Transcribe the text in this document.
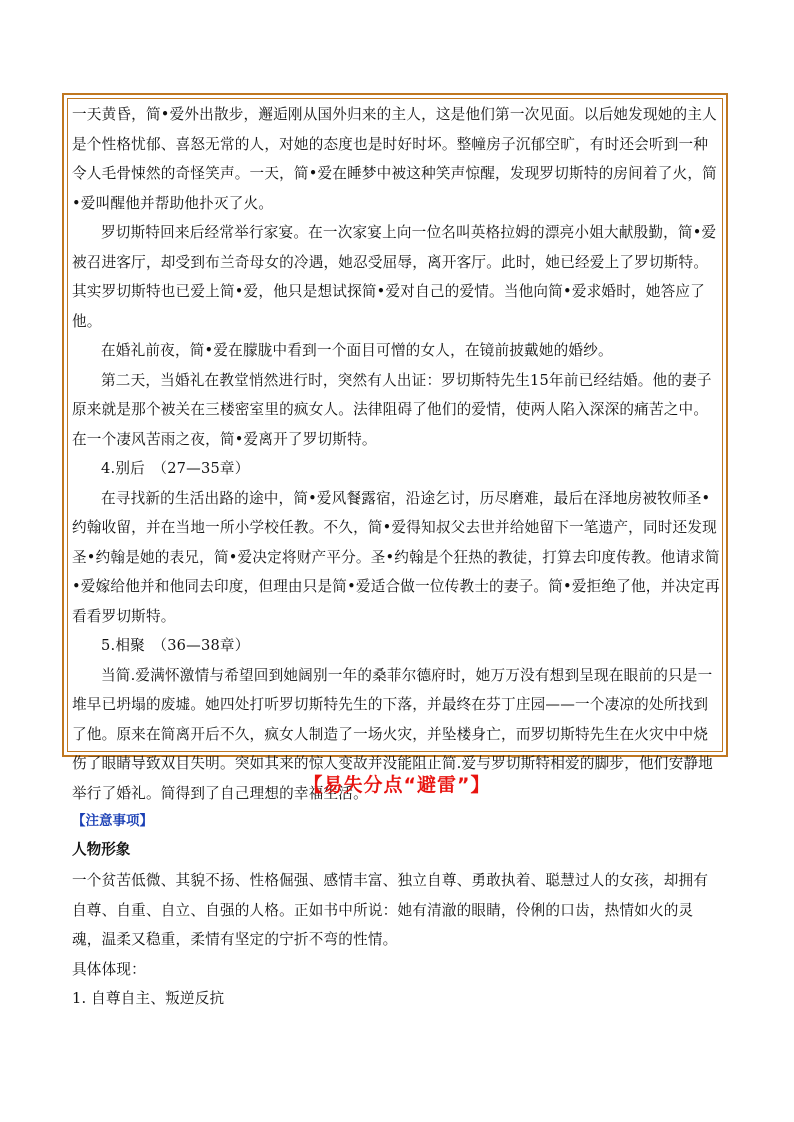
一天黄昏，简•爱外出散步，邂逅刚从国外归来的主人，这是他们第一次见面。以后她发现她的主人是个性格忧郁、喜怒无常的人，对她的态度也是时好时坏。整幢房子沉郁空旷，有时还会听到一种令人毛骨悚然的奇怪笑声。一天，简•爱在睡梦中被这种笑声惊醒，发现罗切斯特的房间着了火，简•爱叫醒他并帮助他扑灭了火。

罗切斯特回来后经常举行家宴。在一次家宴上向一位名叫英格拉姆的漂亮小姐大献殷勤，简•爱被召进客厅，却受到布兰奇母女的冷遇，她忍受屈辱，离开客厅。此时，她已经爱上了罗切斯特。其实罗切斯特也已爱上简•爱，他只是想试探简•爱对自己的爱情。当他向简•爱求婚时，她答应了他。

在婚礼前夜，简•爱在朦胧中看到一个面目可憎的女人，在镜前披戴她的婚纱。

第二天，当婚礼在教堂悄然进行时，突然有人出证：罗切斯特先生15年前已经结婚。他的妻子原来就是那个被关在三楼密室里的疯女人。法律阻碍了他们的爱情，使两人陷入深深的痛苦之中。在一个凄风苦雨之夜，简•爱离开了罗切斯特。

4.别后　（27—35章）

在寻找新的生活出路的途中，简•爱风餐露宿，沿途乞讨，历尽磨难，最后在泽地房被牧师圣•约翰收留，并在当地一所小学校任教。不久，简•爱得知叔父去世并给她留下一笔遗产，同时还发现圣•约翰是她的表兄，简•爱决定将财产平分。圣•约翰是个狂热的教徒，打算去印度传教。他请求简•爱嫁给他并和他同去印度，但理由只是简•爱适合做一位传教士的妻子。简•爱拒绝了他，并决定再看看罗切斯特。

5.相聚　（36—38章）

当简.爱满怀激情与希望回到她阔别一年的桑菲尔德府时，她万万没有想到呈现在眼前的只是一堆早已坍塌的废墟。她四处打听罗切斯特先生的下落，并最终在芬丁庄园——一个凄凉的处所找到了他。原来在简离开后不久，疯女人制造了一场火灾，并坠楼身亡，而罗切斯特先生在火灾中中烧伤了眼睛导致双目失明。突如其来的惊人变故并没能阻止简.爱与罗切斯特相爱的脚步，他们安静地举行了婚礼。简得到了自己理想的幸福生活。

【易失分点“避雷”】
【注意事项】
人物形象

一个贫苦低微、其貌不扬、性格倔强、感情丰富、独立自尊、勇敢执着、聪慧过人的女孩，却拥有自尊、自重、自立、自强的人格。正如书中所说：她有清澈的眼睛，伶俐的口齿，热情如火的灵魂，温柔又稳重，柔情有坚定的宁折不弯的性情。

具体体现：

1. 自尊自主、叛逆反抗
